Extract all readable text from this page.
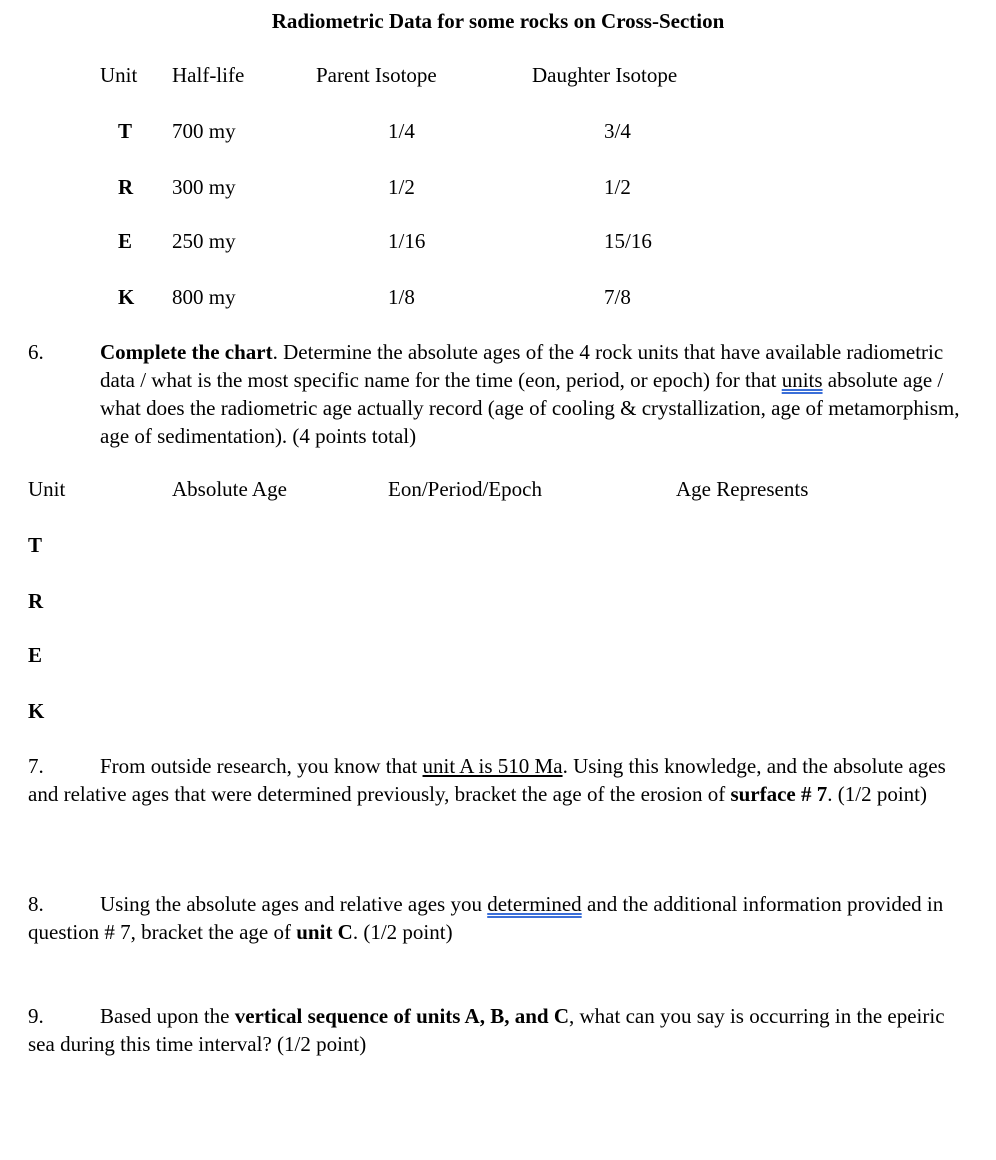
Radiometric Data for some rocks on Cross-Section
Unit Half-life	Parent Isotope	Daughter Isotope
T 700 my	1/4	3/4
R 300 my	1/2	1/2
E 250 my	1/16	15/16
K 800 my	1/8	7/8
6.	Complete the chart. Determine the absolute ages of the 4 rock units that have available radiometric data / what is the most specific name for the time (eon, period, or epoch) for that units absolute age / what does the radiometric age actually record (age of cooling & crystallization, age of metamorphism, age of sedimentation). (4 points total)
Unit	Absolute Age	Eon/Period/Epoch	Age Represents
T
R
E
K
7.	From outside research, you know that unit A is 510 Ma. Using this knowledge, and the absolute ages and relative ages that were determined previously, bracket the age of the erosion of surface # 7. (1/2 point)
8.	Using the absolute ages and relative ages you determined and the additional information provided in question # 7, bracket the age of unit C. (1/2 point)
9.	Based upon the vertical sequence of units A, B, and C, what can you say is occurring in the epeiric sea during this time interval? (1/2 point)
